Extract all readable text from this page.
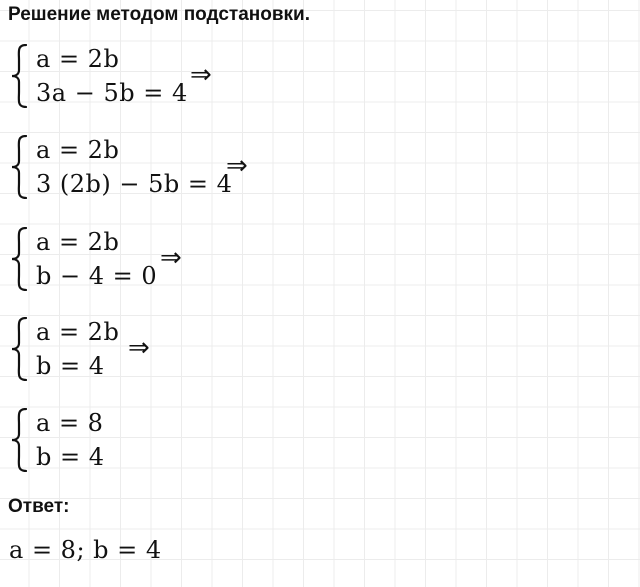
Решение методом подстановки.
a = 2b
3a − 5b = 4
⇒
a = 2b
3 (2b) − 5b = 4
⇒
a = 2b
b − 4 = 0
⇒
a = 2b
b = 4
⇒
a = 8
b = 4
Ответ:
a = 8; b = 4
